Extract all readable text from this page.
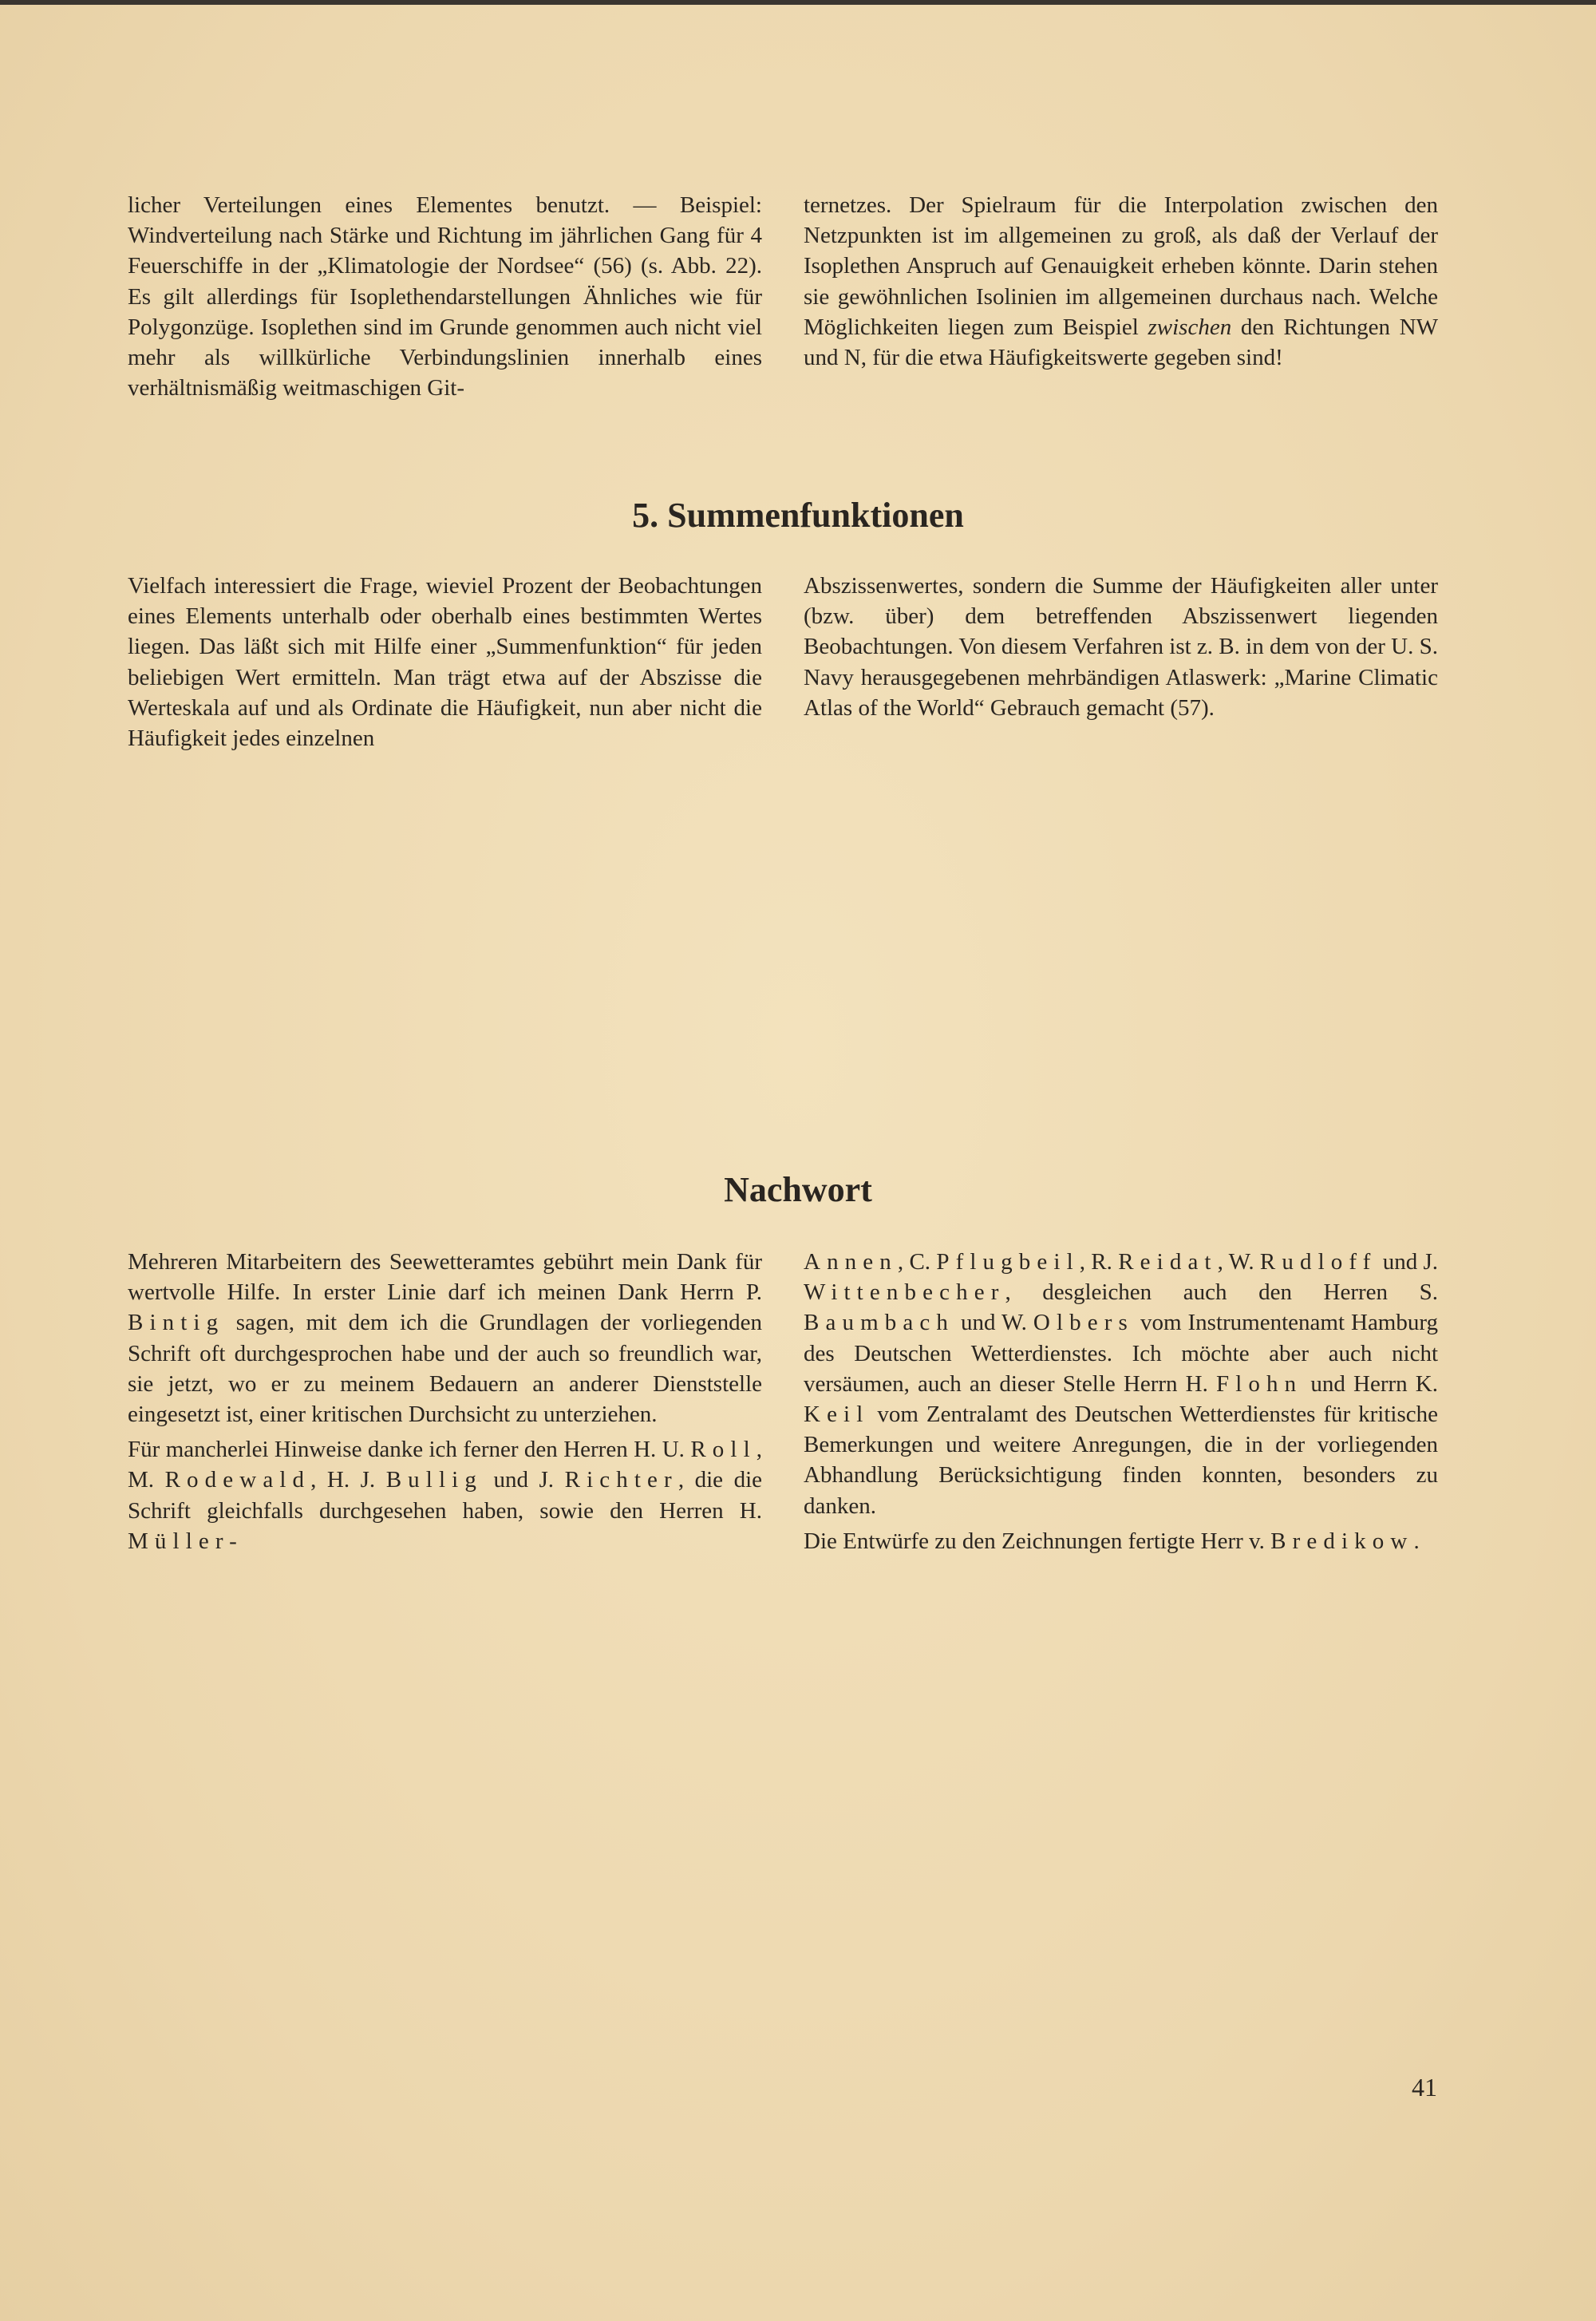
licher Verteilungen eines Elementes benutzt. — Beispiel: Windverteilung nach Stärke und Richtung im jährlichen Gang für 4 Feuerschiffe in der „Klimatologie der Nordsee“ (56) (s. Abb. 22). Es gilt allerdings für Isoplethendarstellungen Ähnliches wie für Polygonzüge. Isoplethen sind im Grunde genommen auch nicht viel mehr als willkürliche Verbindungslinien innerhalb eines verhältnismäßig weitmaschigen Git-

ternetzes. Der Spielraum für die Interpolation zwischen den Netzpunkten ist im allgemeinen zu groß, als daß der Verlauf der Isoplethen Anspruch auf Genauigkeit erheben könnte. Darin stehen sie gewöhnlichen Isolinien im allgemeinen durchaus nach. Welche Möglichkeiten liegen zum Beispiel zwischen den Richtungen NW und N, für die etwa Häufigkeitswerte gegeben sind!

5. Summenfunktionen

Vielfach interessiert die Frage, wieviel Prozent der Beobachtungen eines Elements unterhalb oder oberhalb eines bestimmten Wertes liegen. Das läßt sich mit Hilfe einer „Summenfunktion“ für jeden beliebigen Wert ermitteln. Man trägt etwa auf der Abszisse die Werteskala auf und als Ordinate die Häufigkeit, nun aber nicht die Häufigkeit jedes einzelnen

Abszissenwertes, sondern die Summe der Häufigkeiten aller unter (bzw. über) dem betreffenden Abszissenwert liegenden Beobachtungen. Von diesem Verfahren ist z. B. in dem von der U. S. Navy herausgegebenen mehrbändigen Atlaswerk: „Marine Climatic Atlas of the World“ Gebrauch gemacht (57).

Nachwort

Mehreren Mitarbeitern des Seewetteramtes gebührt mein Dank für wertvolle Hilfe. In erster Linie darf ich meinen Dank Herrn P. Bintig sagen, mit dem ich die Grundlagen der vorliegenden Schrift oft durchgesprochen habe und der auch so freundlich war, sie jetzt, wo er zu meinem Bedauern an anderer Dienststelle eingesetzt ist, einer kritischen Durchsicht zu unterziehen.

Für mancherlei Hinweise danke ich ferner den Herren H. U. Roll, M. Rodewald, H. J. Bullig und J. Richter, die die Schrift gleichfalls durchgesehen haben, sowie den Herren H. Müller-

Annen, C. Pflugbeil, R. Reidat, W. Rudloff und J. Wittenbecher, desgleichen auch den Herren S. Baumbach und W. Olbers vom Instrumentenamt Hamburg des Deutschen Wetterdienstes. Ich möchte aber auch nicht versäumen, auch an dieser Stelle Herrn H. Flohn und Herrn K. Keil vom Zentralamt des Deutschen Wetterdienstes für kritische Bemerkungen und weitere Anregungen, die in der vorliegenden Abhandlung Berücksichtigung finden konnten, besonders zu danken.

Die Entwürfe zu den Zeichnungen fertigte Herr v. Bredikow.

41
